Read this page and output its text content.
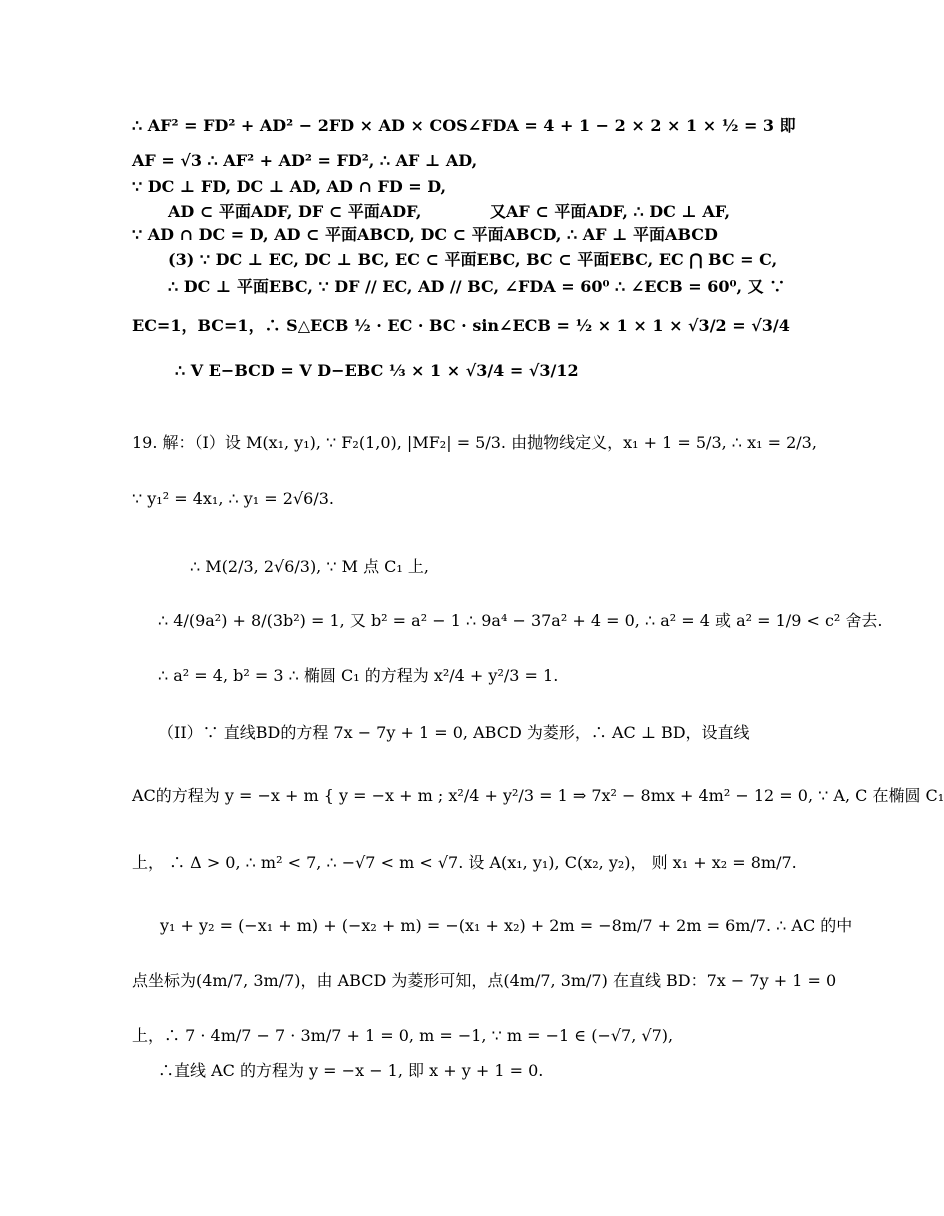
∴ AF² = FD² + AD² − 2FD × AD × COS∠FDA = 4 + 1 − 2 × 2 × 1 × ½ = 3 即
AF = √3 ∴ AF² + AD² = FD², ∴ AF ⊥ AD,
∵ DC ⊥ FD, DC ⊥ AD, AD ∩ FD = D,
AD ⊂ 平面ADF, DF ⊂ 平面ADF,	又AF ⊂ 平面ADF, ∴ DC ⊥ AF,
∵ AD ∩ DC = D, AD ⊂ 平面ABCD, DC ⊂ 平面ABCD, ∴ AF ⊥ 平面ABCD
(3) ∵ DC ⊥ EC, DC ⊥ BC, EC ⊂ 平面EBC, BC ⊂ 平面EBC, EC ⋂ BC = C,
∴ DC ⊥ 平面EBC, ∵ DF // EC, AD // BC, ∠FDA = 60⁰ ∴ ∠ECB = 60⁰, 又 ∵
EC=1，BC=1，∴ S△ECB ½ · EC · BC · sin∠ECB = ½ × 1 × 1 × √3/2 = √3/4
∴ V E−BCD = V D−EBC ⅓ × 1 × √3/4 = √3/12
19. 解：（I）设 M(x₁, y₁), ∵ F₂(1,0), |MF₂| = 5/3. 由抛物线定义，x₁ + 1 = 5/3, ∴ x₁ = 2/3,
∵ y₁² = 4x₁, ∴ y₁ = 2√6/3.
∴ M(2/3, 2√6/3), ∵ M 点 C₁ 上,
∴ 4/(9a²) + 8/(3b²) = 1, 又 b² = a² − 1 ∴ 9a⁴ − 37a² + 4 = 0, ∴ a² = 4 或 a² = 1/9 < c² 舍去.
∴ a² = 4, b² = 3 ∴ 椭圆 C₁ 的方程为 x²/4 + y²/3 = 1.
（II）∵ 直线BD的方程 7x − 7y + 1 = 0, ABCD 为菱形，∴ AC ⊥ BD，设直线
AC的方程为 y = −x + m { y = −x + m ; x²/4 + y²/3 = 1 ⇒ 7x² − 8mx + 4m² − 12 = 0, ∵ A, C 在椭圆 C₁
上， ∴ Δ > 0, ∴ m² < 7, ∴ −√7 < m < √7. 设 A(x₁, y₁), C(x₂, y₂)， 则 x₁ + x₂ = 8m/7.
y₁ + y₂ = (−x₁ + m) + (−x₂ + m) = −(x₁ + x₂) + 2m = −8m/7 + 2m = 6m/7. ∴ AC 的中
点坐标为(4m/7, 3m/7)，由 ABCD 为菱形可知，点(4m/7, 3m/7) 在直线 BD：7x − 7y + 1 = 0
上，∴ 7 · 4m/7 − 7 · 3m/7 + 1 = 0, m = −1, ∵ m = −1 ∈ (−√7, √7),
∴直线 AC 的方程为 y = −x − 1, 即 x + y + 1 = 0.
